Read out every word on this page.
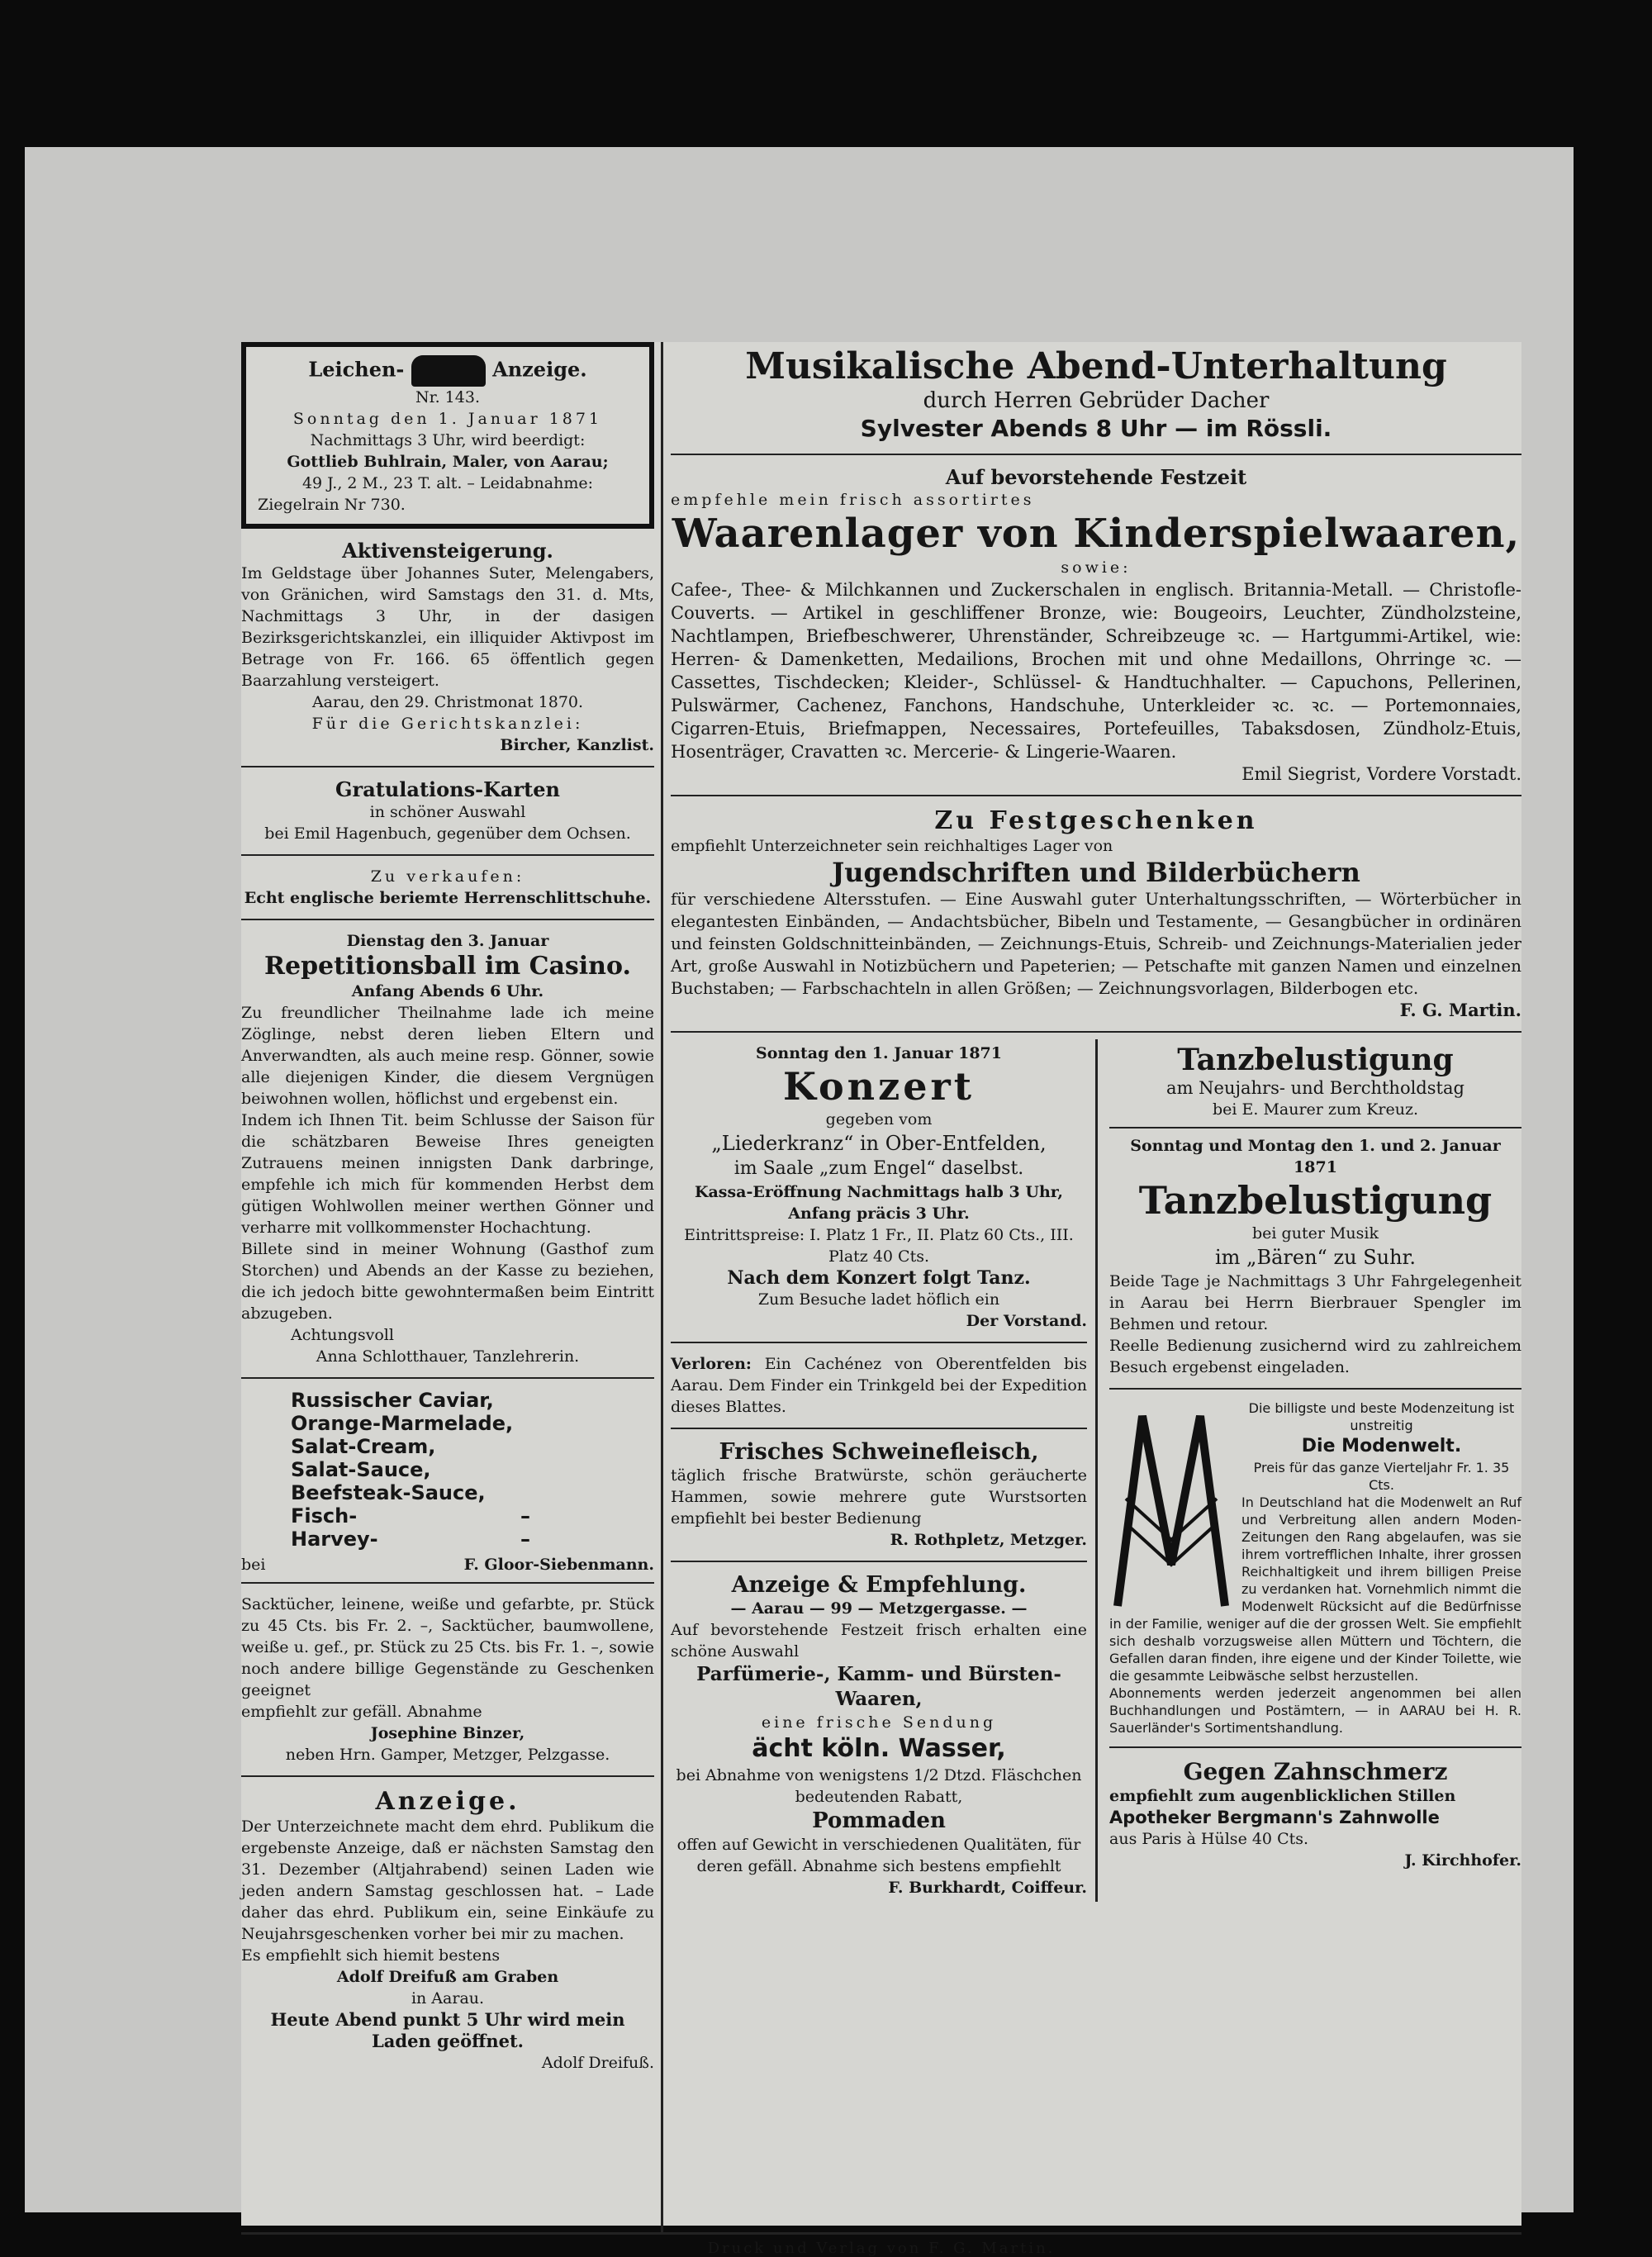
Leichen-	Anzeige.

Nr. 143.

Sonntag den 1. Januar 1871

Nachmittags 3 Uhr, wird beerdigt:

Gottlieb Buhlrain, Maler, von Aarau;

49 J., 2 M., 23 T. alt. – Leidabnahme:

Ziegelrain Nr 730.

Aktivensteigerung.

Im Geldstage über Johannes Suter, Melengabers, von Gränichen, wird Samstags den 31. d. Mts, Nachmittags 3 Uhr, in der dasigen Bezirksgerichtskanzlei, ein illiquider Aktivpost im Betrage von Fr. 166. 65 öffentlich gegen Baarzahlung versteigert.

Aarau, den 29. Christmonat 1870.

Für die Gerichtskanzlei:

Bircher, Kanzlist.

Gratulations-Karten

in schöner Auswahl

bei Emil Hagenbuch, gegenüber dem Ochsen.

Zu verkaufen:

Echt englische beriemte Herrenschlittschuhe.

Dienstag den 3. Januar

Repetitionsball im Casino.

Anfang Abends 6 Uhr.

Zu freundlicher Theilnahme lade ich meine Zöglinge, nebst deren lieben Eltern und Anverwandten, als auch meine resp. Gönner, sowie alle diejenigen Kinder, die diesem Vergnügen beiwohnen wollen, höflichst und ergebenst ein.

Indem ich Ihnen Tit. beim Schlusse der Saison für die schätzbaren Beweise Ihres geneigten Zutrauens meinen innigsten Dank darbringe, empfehle ich mich für kommenden Herbst dem gütigen Wohlwollen meiner werthen Gönner und verharre mit vollkommenster Hochachtung.

Billete sind in meiner Wohnung (Gasthof zum Storchen) und Abends an der Kasse zu beziehen, die ich jedoch bitte gewohntermaßen beim Eintritt abzugeben.

Achtungsvoll

Anna Schlotthauer, Tanzlehrerin.

Russischer Caviar,
Orange-Marmelade,
Salat-Cream,
Salat-Sauce,
Beefsteak-Sauce,
Fisch-	–
Harvey-	–
bei	F. Gloor-Siebenmann.

Sacktücher, leinene, weiße und gefarbte, pr. Stück zu 45 Cts. bis Fr. 2. –, Sacktücher, baumwollene, weiße u. gef., pr. Stück zu 25 Cts. bis Fr. 1. –, sowie noch andere billige Gegenstände zu Geschenken geeignet

empfiehlt zur gefäll. Abnahme

Josephine Binzer,

neben Hrn. Gamper, Metzger, Pelzgasse.

Anzeige.

Der Unterzeichnete macht dem ehrd. Publikum die ergebenste Anzeige, daß er nächsten Samstag den 31. Dezember (Altjahrabend) seinen Laden wie jeden andern Samstag geschlossen hat. – Lade daher das ehrd. Publikum ein, seine Einkäufe zu Neujahrsgeschenken vorher bei mir zu machen.

Es empfiehlt sich hiemit bestens

Adolf Dreifuß am Graben

in Aarau.

Heute Abend punkt 5 Uhr wird mein Laden geöffnet.

Adolf Dreifuß.

Musikalische Abend-Unterhaltung

durch Herren Gebrüder Dacher

Sylvester Abends 8 Uhr — im Rössli.

Auf bevorstehende Festzeit

empfehle mein frisch assortirtes

Waarenlager von Kinderspielwaaren,

sowie:

Cafee-, Thee- & Milchkannen und Zuckerschalen in englisch. Britannia-Metall. — Christofle-Couverts. — Artikel in geschliffener Bronze, wie: Bougeoirs, Leuchter, Zündholzsteine, Nachtlampen, Briefbeschwerer, Uhrenständer, Schreibzeuge ꝛc. — Hartgummi-Artikel, wie: Herren- & Damenketten, Medailions, Brochen mit und ohne Medaillons, Ohrringe ꝛc. — Cassettes, Tischdecken; Kleider-, Schlüssel- & Handtuchhalter. — Capuchons, Pellerinen, Pulswärmer, Cachenez, Fanchons, Handschuhe, Unterkleider ꝛc. ꝛc. — Portemonnaies, Cigarren-Etuis, Briefmappen, Necessaires, Portefeuilles, Tabaksdosen, Zündholz-Etuis, Hosenträger, Cravatten ꝛc. Mercerie- & Lingerie-Waaren.

Emil Siegrist, Vordere Vorstadt.

Zu Festgeschenken

empfiehlt Unterzeichneter sein reichhaltiges Lager von

Jugendschriften und Bilderbüchern

für verschiedene Altersstufen. — Eine Auswahl guter Unterhaltungsschriften, — Wörterbücher in elegantesten Einbänden, — Andachtsbücher, Bibeln und Testamente, — Gesangbücher in ordinären und feinsten Goldschnitteinbänden, — Zeichnungs-Etuis, Schreib- und Zeichnungs-Materialien jeder Art, große Auswahl in Notizbüchern und Papeterien; — Petschafte mit ganzen Namen und einzelnen Buchstaben; — Farbschachteln in allen Größen; — Zeichnungsvorlagen, Bilderbogen etc.

F. G. Martin.

Sonntag den 1. Januar 1871

Konzert

gegeben vom

„Liederkranz“ in Ober-Entfelden,

im Saale „zum Engel“ daselbst.

Kassa-Eröffnung Nachmittags halb 3 Uhr,

Anfang präcis 3 Uhr.

Eintrittspreise: I. Platz 1 Fr., II. Platz 60 Cts., III. Platz 40 Cts.

Nach dem Konzert folgt Tanz.

Zum Besuche ladet höflich ein

Der Vorstand.

Verloren: Ein Cachénez von Oberentfelden bis Aarau. Dem Finder ein Trinkgeld bei der Expedition dieses Blattes.

Frisches Schweinefleisch,

täglich frische Bratwürste, schön geräucherte Hammen, sowie mehrere gute Wurstsorten empfiehlt bei bester Bedienung

R. Rothpletz, Metzger.

Anzeige & Empfehlung.

— Aarau — 99 — Metzgergasse. —

Auf bevorstehende Festzeit frisch erhalten eine schöne Auswahl

Parfümerie-, Kamm- und Bürsten-Waaren,

eine frische Sendung

ächt köln. Wasser,

bei Abnahme von wenigstens 1/2 Dtzd. Fläschchen bedeutenden Rabatt,

Pommaden

offen auf Gewicht in verschiedenen Qualitäten, für deren gefäll. Abnahme sich bestens empfiehlt

F. Burkhardt, Coiffeur.

Tanzbelustigung

am Neujahrs- und Berchtholdstag

bei E. Maurer zum Kreuz.

Sonntag und Montag den 1. und 2. Januar 1871

Tanzbelustigung

bei guter Musik

im „Bären“ zu Suhr.

Beide Tage je Nachmittags 3 Uhr Fahrgelegenheit in Aarau bei Herrn Bierbrauer Spengler im Behmen und retour.

Reelle Bedienung zusichernd wird zu zahlreichem Besuch ergebenst eingeladen.

Die billigste und beste Modenzeitung ist unstreitig

Die Modenwelt.

Preis für das ganze Vierteljahr Fr. 1. 35 Cts.

In Deutschland hat die Modenwelt an Ruf und Verbreitung allen andern Moden-Zeitungen den Rang abgelaufen, was sie ihrem vortrefflichen Inhalte, ihrer grossen Reichhaltigkeit und ihrem billigen Preise zu verdanken hat. Vornehmlich nimmt die Modenwelt Rücksicht auf die Bedürfnisse in der Familie, weniger auf die der grossen Welt. Sie empfiehlt sich deshalb vorzugsweise allen Müttern und Töchtern, die Gefallen daran finden, ihre eigene und der Kinder Toilette, wie die gesammte Leibwäsche selbst herzustellen.

Abonnements werden jederzeit angenommen bei allen Buchhandlungen und Postämtern, — in AARAU bei H. R. Sauerländer's Sortimentshandlung.

Gegen Zahnschmerz

empfiehlt zum augenblicklichen Stillen

Apotheker Bergmann's Zahnwolle

aus Paris à Hülse 40 Cts.

J. Kirchhofer.

Druck und Verlag von F. G. Martin.
